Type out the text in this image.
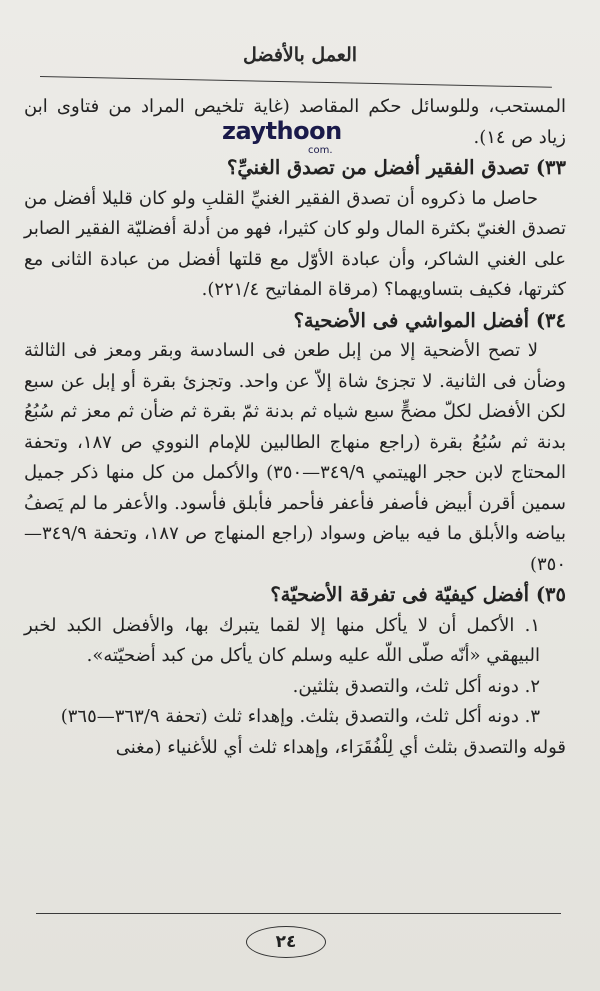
العمل بالأفضل
zaythoon
.com

المستحب، وللوسائل حكم المقاصد (غاية تلخيص المراد من فتاوى ابن زياد ص ١٤).

٣٣) تصدق الفقير أفضل من تصدق الغنيِّ؟

حاصل ما ذكروه أن تصدق الفقير الغنيِّ القلبِ ولو كان قليلا أفضل من تصدق الغنيّ بكثرة المال ولو كان كثيرا، فهو من أدلة أفضليّة الفقير الصابر على الغني الشاكر، وأن عبادة الأوّل مع قلتها أفضل من عبادة الثانى مع كثرتها، فكيف بتساويهما؟ (مرقاة المفاتيح ٢٢١/٤).

٣٤) أفضل المواشي فى الأضحية؟

لا تصح الأضحية إلا من إبل طعن فى السادسة وبقر ومعز فى الثالثة وضأن فى الثانية. لا تجزئ شاة إلاّ عن واحد. وتجزئ بقرة أو إبل عن سبع لكن الأفضل لكلّ مضحٍّ سبع شياه ثم بدنة ثمّ بقرة ثم ضأن ثم معز ثم سُبُعُ بدنة ثم سُبُعُ بقرة (راجع منهاج الطالبين للإمام النووي ص ١٨٧، وتحفة المحتاج لابن حجر الهيتمي ٣٤٩/٩—٣٥٠) والأكمل من كل منها ذكر جميل سمين أقرن أبيض فأصفر فأعفر فأحمر فأبلق فأسود. والأعفر ما لم يَصفُ بياضه والأبلق ما فيه بياض وسواد (راجع المنهاج ص ١٨٧، وتحفة ٣٤٩/٩—٣٥٠)

٣٥) أفضل كيفيّة فى تفرقة الأضحيّة؟

١. الأكمل أن لا يأكل منها إلا لقما يتبرك بها، والأفضل الكبد لخبر البيهقي «أنّه صلّى اللّه عليه وسلم كان يأكل من كبد أضحيّته».

٢. دونه أكل ثلث، والتصدق بثلثين.

٣. دونه أكل ثلث، والتصدق بثلث. وإهداء ثلث (تحفة ٣٦٣/٩—٣٦٥)

قوله والتصدق بثلث أي لِلْفُقَرَاء، وإهداء ثلث أي للأغنياء (مغنى

٢٤
